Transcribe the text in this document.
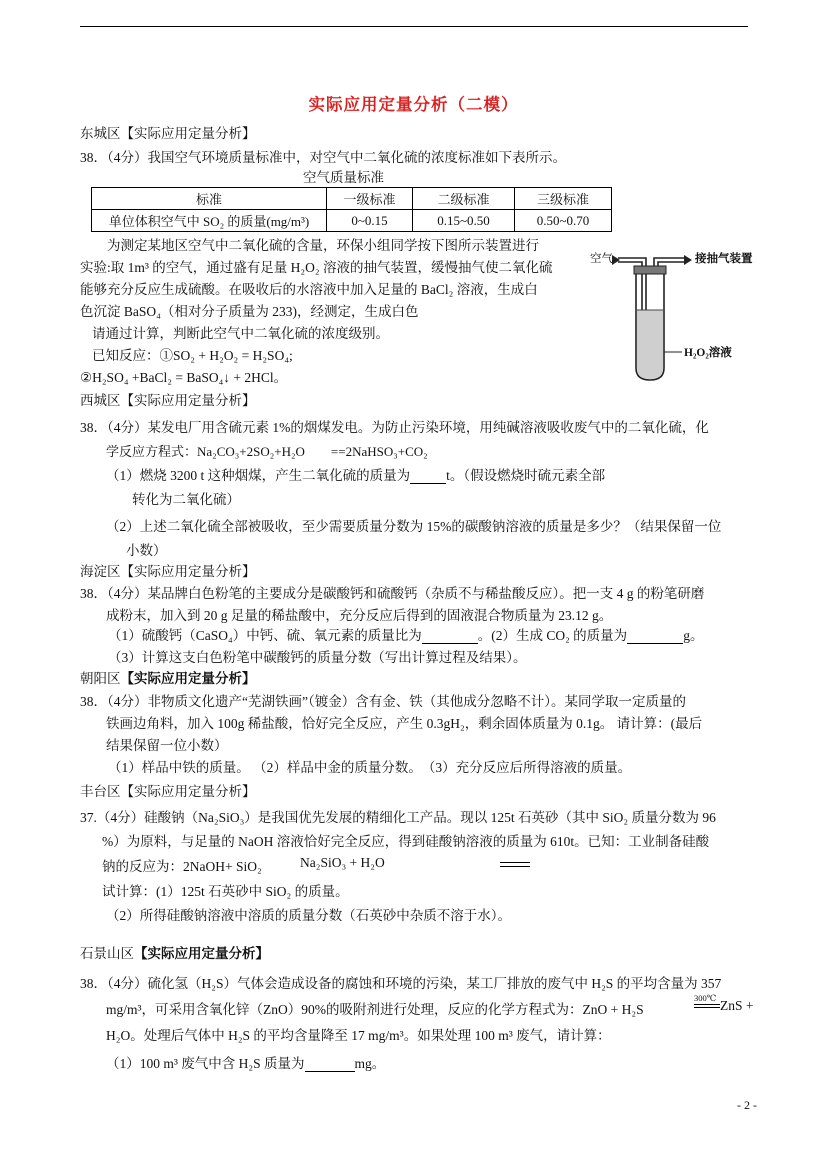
实际应用定量分析（二模）
东城区【实际应用定量分析】
38．（4分）我国空气环境质量标准中，对空气中二氧化硫的浓度标准如下表所示。
空气质量标准
标准	一级标准	二级标准	三级标准
单位体积空气中 SO₂ 的质量(mg/m³)	0~0.15	0.15~0.50	0.50~0.70
为测定某地区空气中二氧化硫的含量，环保小组同学按下图所示装置进行
实验:取 1m³ 的空气，通过盛有足量 H₂O₂ 溶液的抽气装置，缓慢抽气使二氧化硫
能够充分反应生成硫酸。在吸收后的水溶液中加入足量的 BaCl₂ 溶液，生成白
色沉淀 BaSO₄（相对分子质量为 233)，经测定，生成白色
请通过计算，判断此空气中二氧化硫的浓度级别。
已知反应：①SO₂ + H₂O₂ = H₂SO₄;
②H₂SO₄ +BaCl₂ = BaSO₄↓ + 2HCl。
空气	接抽气装置
H₂O₂溶液
西城区【实际应用定量分析】
38．（4分）某发电厂用含硫元素 1%的烟煤发电。为防止污染环境，用纯碱溶液吸收废气中的二氧化硫，化
学反应方程式：Na₂CO₃+2SO₂+H₂O　　==2NaHSO₃+CO₂
（1）燃烧 3200 t 这种烟煤，产生二氧化硫的质量为	t。（假设燃烧时硫元素全部
转化为二氧化硫）
（2）上述二氧化硫全部被吸收，至少需要质量分数为 15%的碳酸钠溶液的质量是多少？（结果保留一位
小数）
海淀区【实际应用定量分析】
38．（4分）某品牌白色粉笔的主要成分是碳酸钙和硫酸钙（杂质不与稀盐酸反应）。把一支 4 g 的粉笔研磨
成粉末，加入到 20 g 足量的稀盐酸中，充分反应后得到的固液混合物质量为 23.12 g。
（1）硫酸钙（CaSO₄）中钙、硫、氧元素的质量比为	。(2）生成 CO₂ 的质量为	g。
（3）计算这支白色粉笔中碳酸钙的质量分数（写出计算过程及结果）。
朝阳区【实际应用定量分析】
38．（4分）非物质文化遗产“芜湖铁画”（镀金）含有金、铁（其他成分忽略不计）。某同学取一定质量的
铁画边角料，加入 100g 稀盐酸，恰好完全反应，产生 0.3gH₂，剩余固体质量为 0.1g。 请计算：(最后
结果保留一位小数）
（1）样品中铁的质量。 （2）样品中金的质量分数。　（3）充分反应后所得溶液的质量。
丰台区【实际应用定量分析】
37.（4分）硅酸钠（Na₂SiO₃）是我国优先发展的精细化工产品。现以 125t 石英砂（其中 SiO₂ 质量分数为 96
%）为原料，与足量的 NaOH 溶液恰好完全反应，得到硅酸钠溶液的质量为 610t。已知：工业制备硅酸
钠的反应为：2NaOH+ SiO₂	Na₂SiO₃ + H₂O
试计算：(1）125t 石英砂中 SiO₂ 的质量。
（2）所得硅酸钠溶液中溶质的质量分数（石英砂中杂质不溶于水）。
石景山区【实际应用定量分析】
38．（4分）硫化氢（H₂S）气体会造成设备的腐蚀和环境的污染，某工厂排放的废气中 H₂S 的平均含量为 357
mg/m³，可采用含氧化锌（ZnO）90%的吸附剂进行处理，反应的化学方程式为：ZnO + H₂S
300℃ ZnS +
H₂O。处理后气体中 H₂S 的平均含量降至 17 mg/m³。如果处理 100 m³ 废气，请计算：
（1）100 m³ 废气中含 H₂S 质量为	mg。
- 2 -
